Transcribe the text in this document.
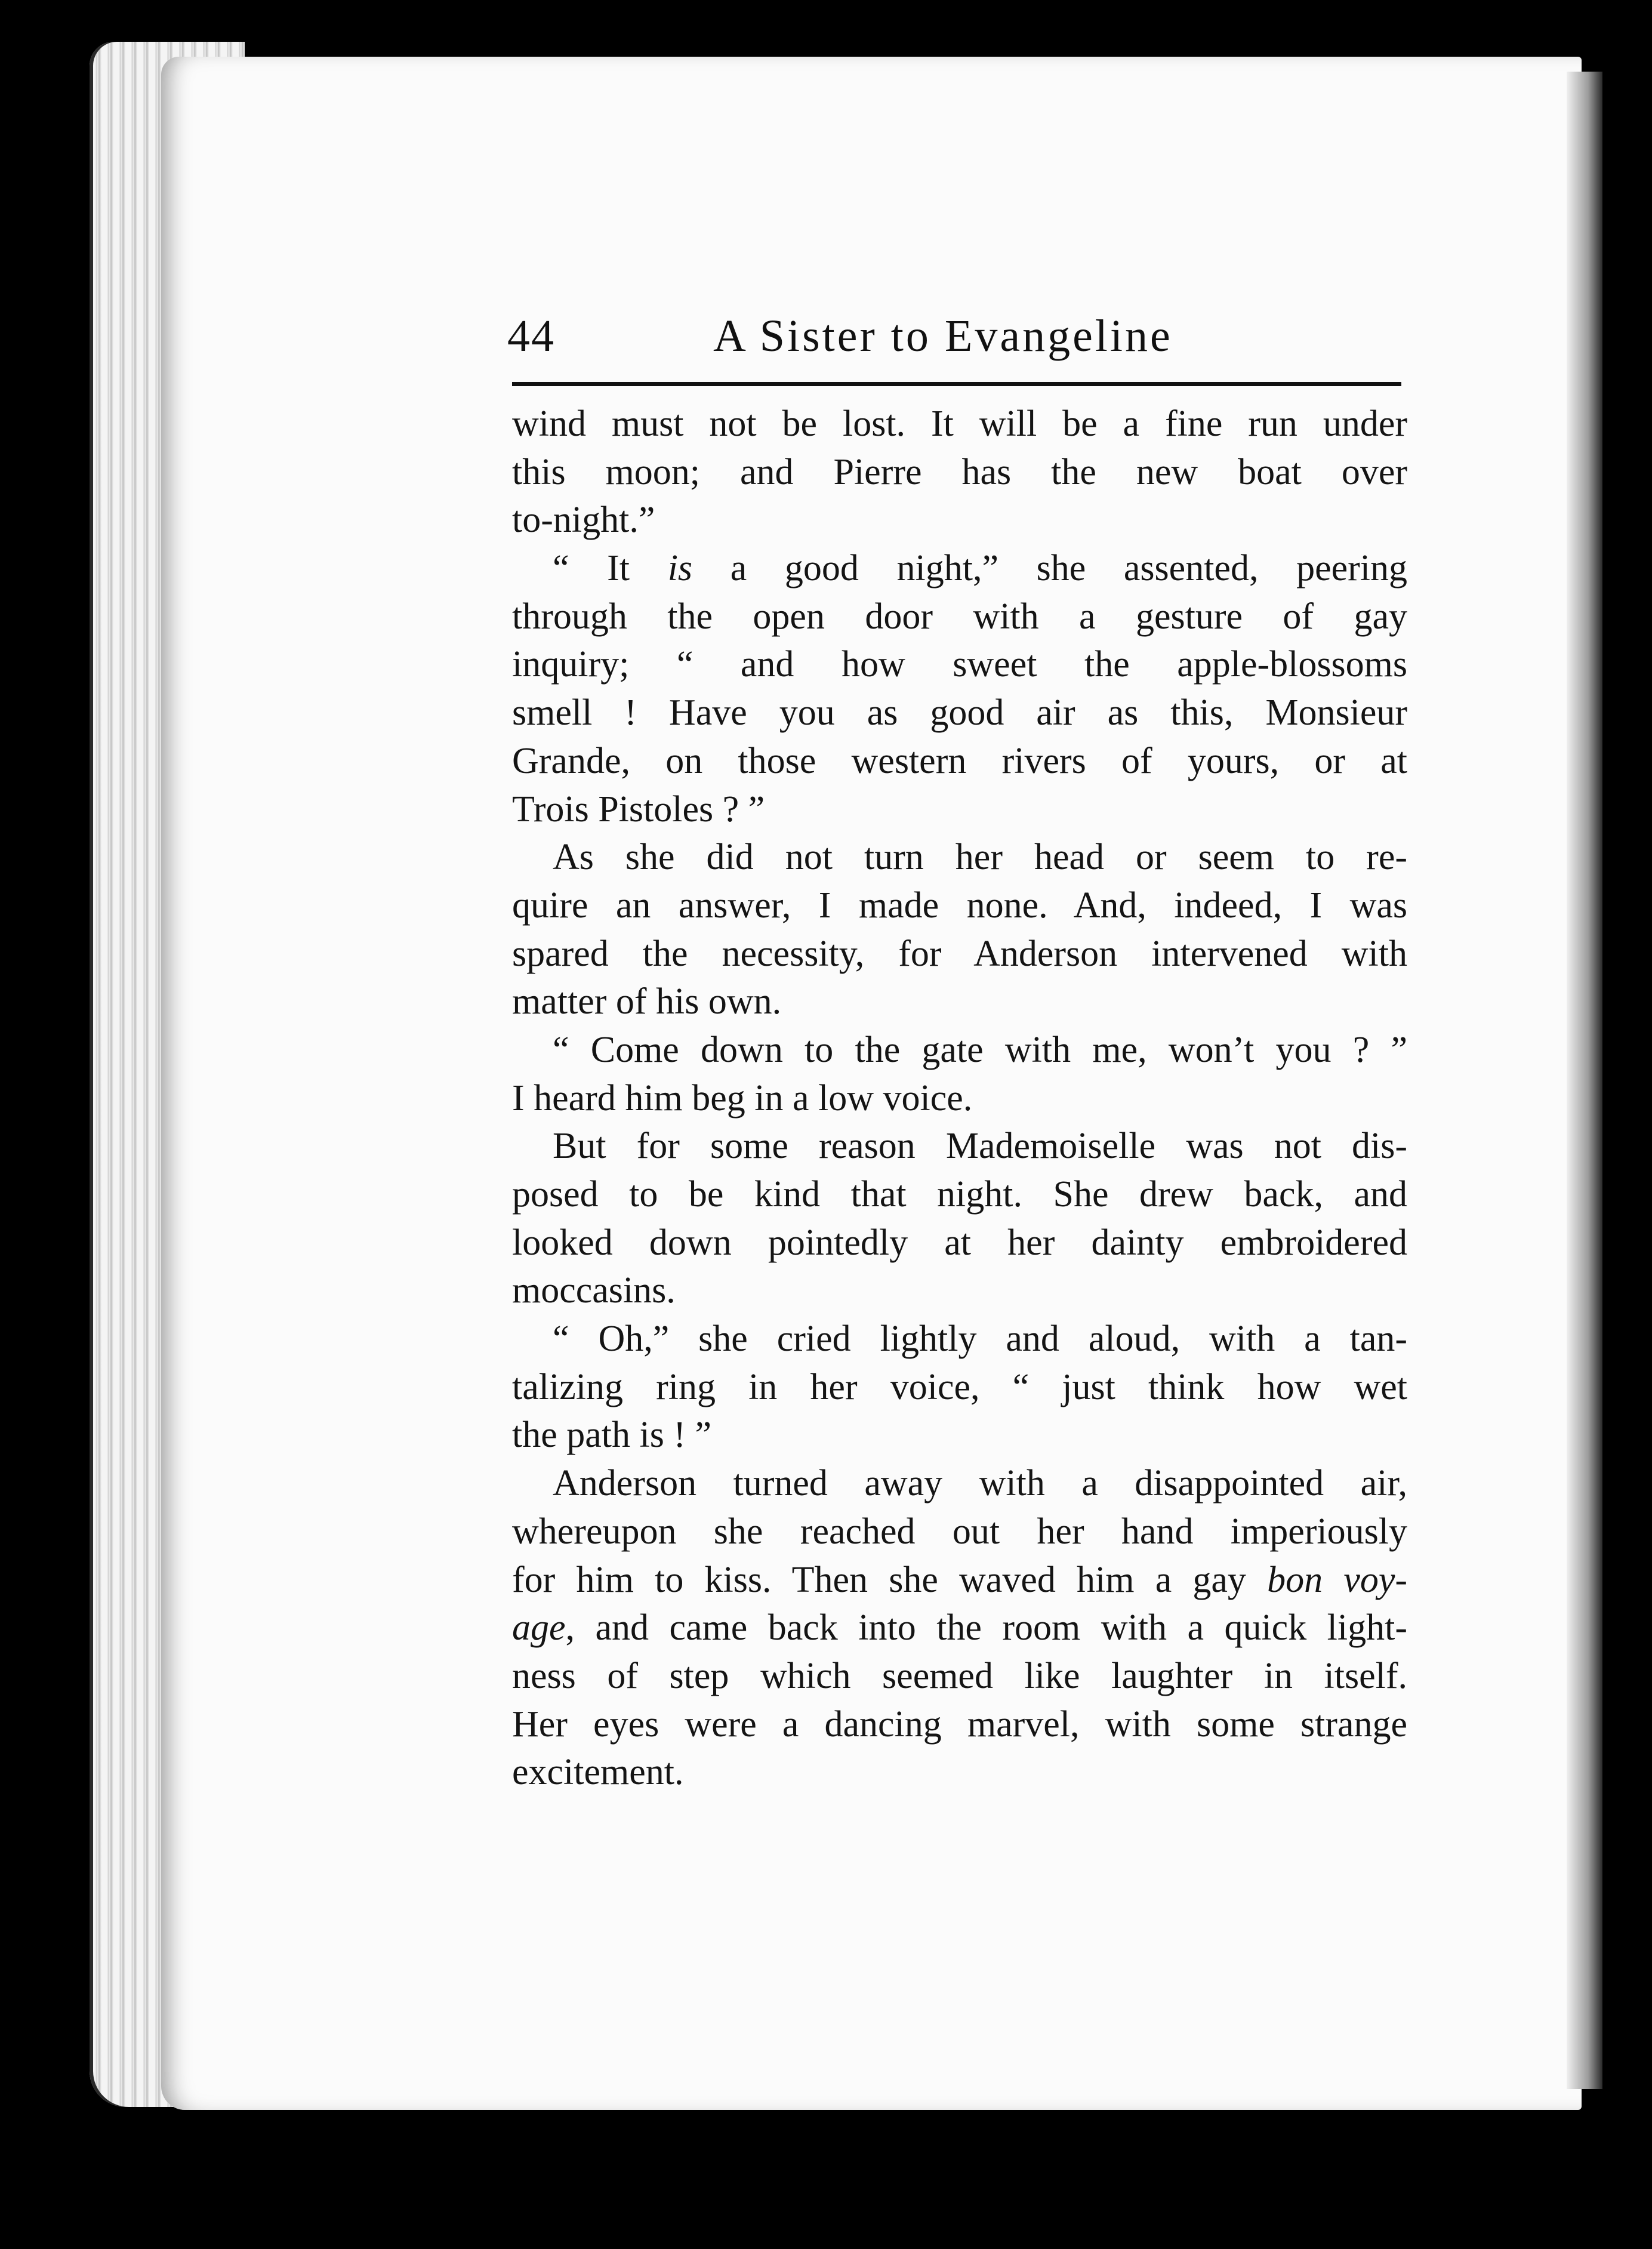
44	A Sister to Evangeline
wind must not be lost. It will be a fine run under
this moon; and Pierre has the new boat over
to-night.”
“ It is a good night,” she assented, peering
through the open door with a gesture of gay
inquiry; “ and how sweet the apple-blossoms
smell ! Have you as good air as this, Monsieur
Grande, on those western rivers of yours, or at
Trois Pistoles ? ”
As she did not turn her head or seem to re-
quire an answer, I made none. And, indeed, I was
spared the necessity, for Anderson intervened with
matter of his own.
“ Come down to the gate with me, won’t you ? ”
I heard him beg in a low voice.
But for some reason Mademoiselle was not dis-
posed to be kind that night. She drew back, and
looked down pointedly at her dainty embroidered
moccasins.
“ Oh,” she cried lightly and aloud, with a tan-
talizing ring in her voice, “ just think how wet
the path is ! ”
Anderson turned away with a disappointed air,
whereupon she reached out her hand imperiously
for him to kiss. Then she waved him a gay bon voy-
age, and came back into the room with a quick light-
ness of step which seemed like laughter in itself.
Her eyes were a dancing marvel, with some strange
excitement.
